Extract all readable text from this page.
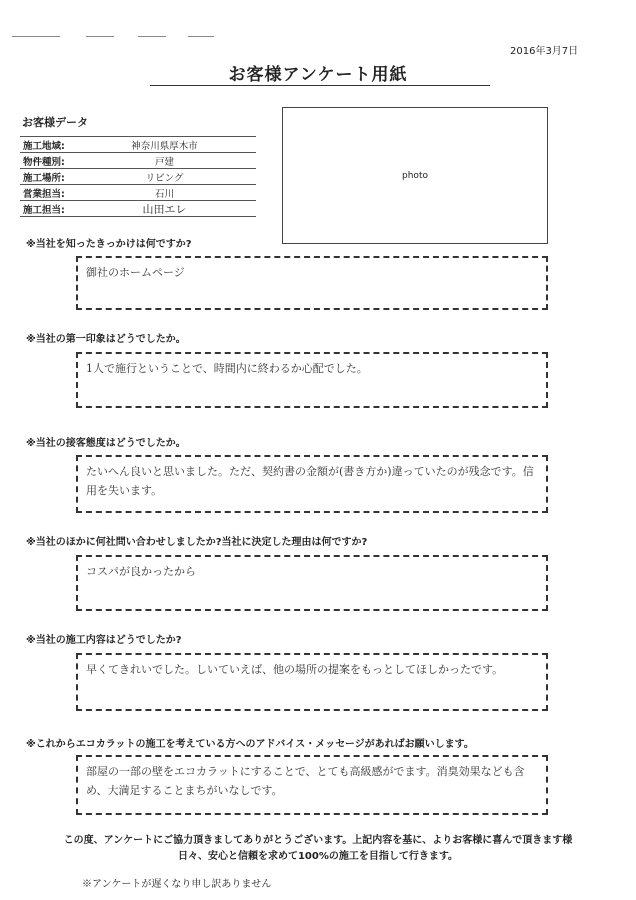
2016年3月7日
お客様アンケート用紙
お客様データ
施工地域:	神奈川県厚木市
物件種別:	戸建
施工場所:	リビング
営業担当:	石川
施工担当:	山田エレ
photo
※当社を知ったきっかけは何ですか?
御社のホームページ
※当社の第一印象はどうでしたか。
1人で施行ということで、時間内に終わるか心配でした。
※当社の接客態度はどうでしたか。
たいへん良いと思いました。ただ、契約書の金額が(書き方か)違っていたのが残念です。信用を失います。
※当社のほかに何社問い合わせしましたか?当社に決定した理由は何ですか?
コスパが良かったから
※当社の施工内容はどうでしたか?
早くてきれいでした。しいていえば、他の場所の提案をもっとしてほしかったです。
※これからエコカラットの施工を考えている方へのアドバイス・メッセージがあればお願いします。
部屋の一部の壁をエコカラットにすることで、とても高級感がでます。消臭効果なども含め、大満足することまちがいなしです。
この度、アンケートにご協力頂きましてありがとうございます。上記内容を基に、よりお客様に喜んで頂きます様
日々、安心と信頼を求めて100%の施工を目指して行きます。
※アンケートが遅くなり申し訳ありません
